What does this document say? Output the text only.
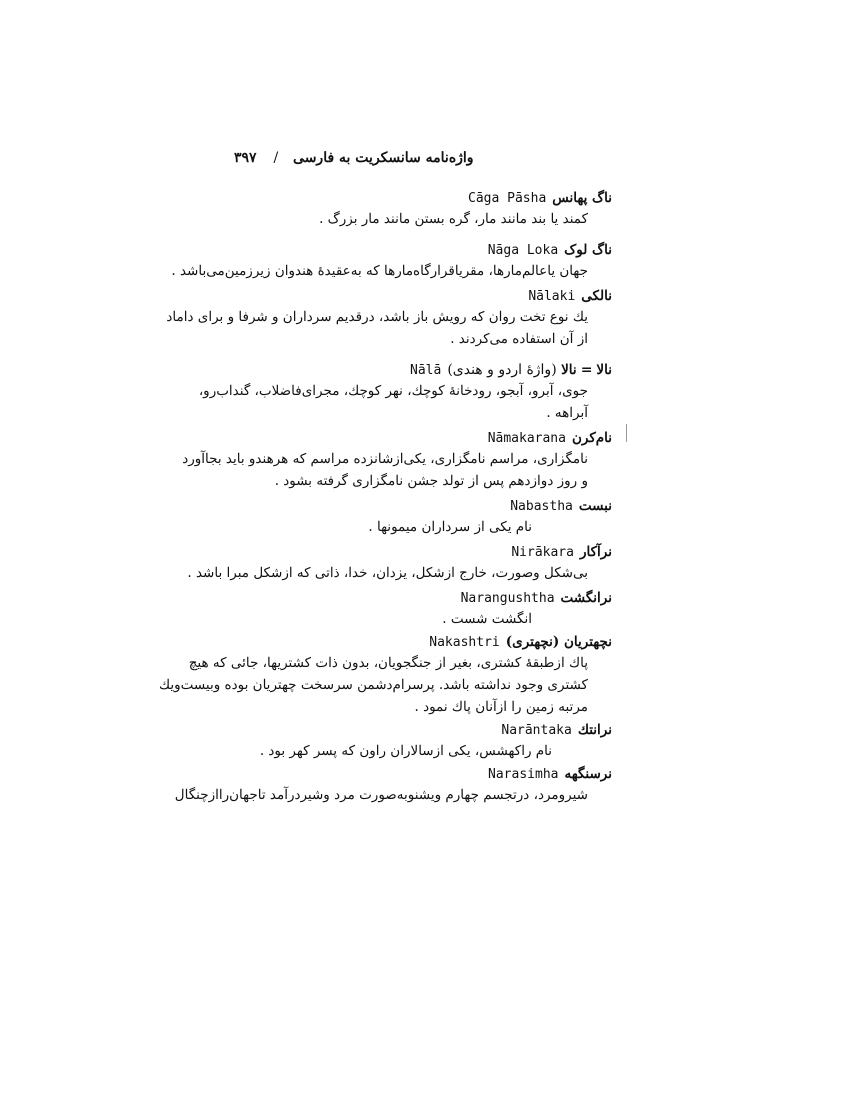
۳۹۷ / واژه‌نامه سانسکریت به فارسی
ناگ پهانسCāga Pāsha
کمند یا بند مانند مار، گره بستن مانند مار بزرگ .
ناگ لوکNāga Loka
جهان یاعالم‌مارها، مقریاقرارگاه‌مارها که به‌عقیدهٔ هندوان زیرزمین‌می‌باشد .
نالکیNālaki
یك نوع تخت روان که رویش باز باشد، درقدیم سرداران و شرفا و برای داماد
از آن استفاده می‌کردند .
نالا=نالا (واژهٔ اردو و هندی)Nālā
جوی، آبرو، آبجو، رودخانهٔ کوچك، نهر کوچك، مجرای‌فاضلاب، گنداب‌رو،
آبراهه .
نام‌کرنNāmakarana
نامگزاری، مراسم نامگزاری، یکی‌ازشانزده مراسم که هرهندو باید بجاآورد
و روز دوازدهم پس از تولد جشن نامگزاری گرفته بشود .
نبستNabastha
نام یکی از سرداران میمونها .
نرآکارNirākara
بی‌شکل وصورت، خارج ازشکل، یزدان، خدا، ذاتی که ازشکل مبرا باشد .
نرانگشتNarangushtha
انگشت شست .
نچهتریان (نچهتری)Nakashtri
پاك ازطبقهٔ کشتری، بغیر از جنگجویان، بدون ذات کشتریها، جائی که هیچ
کشتری وجود نداشته باشد. پرسرام‌دشمن سرسخت چهتریان بوده وبیست‌ویك
مرتبه زمین را ازآنان پاك نمود .
نرانتكNarāntaka
نام راکهشس، یکی ازسالاران راون که پسر کهر بود .
نرسنگههNarasimha
شیرومرد، درتجسم چهارم ویشنوبه‌صورت مرد وشیردرآمد تاجهان‌راازچنگال
